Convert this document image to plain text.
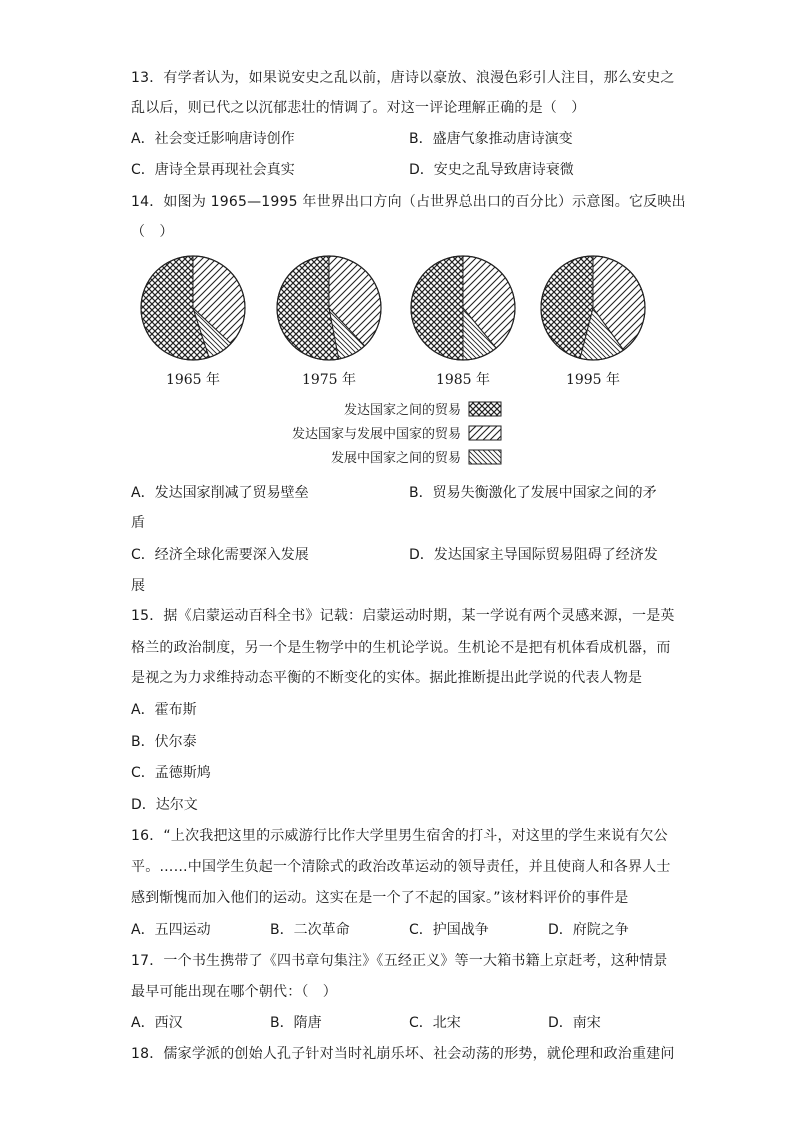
13．有学者认为，如果说安史之乱以前，唐诗以豪放、浪漫色彩引人注目，那么安史之
乱以后，则已代之以沉郁悲壮的情调了。对这一评论理解正确的是（　）
A．社会变迁影响唐诗创作	B．盛唐气象推动唐诗演变
C．唐诗全景再现社会真实	D．安史之乱导致唐诗衰微
14．如图为 1965—1995 年世界出口方向（占世界总出口的百分比）示意图。它反映出
（　）
1965 年	1975 年	1985 年	1995 年
发达国家之间的贸易
发达国家与发展中国家的贸易
发展中国家之间的贸易
A．发达国家削减了贸易壁垒	B．贸易失衡激化了发展中国家之间的矛
盾
C．经济全球化需要深入发展	D．发达国家主导国际贸易阻碍了经济发
展
15．据《启蒙运动百科全书》记载：启蒙运动时期，某一学说有两个灵感来源，一是英
格兰的政治制度，另一个是生物学中的生机论学说。生机论不是把有机体看成机器，而
是视之为力求维持动态平衡的不断变化的实体。据此推断提出此学说的代表人物是
A．霍布斯
B．伏尔泰
C．孟德斯鸠
D．达尔文
16．“上次我把这里的示威游行比作大学里男生宿舍的打斗，对这里的学生来说有欠公
平。……中国学生负起一个清除式的政治改革运动的领导责任，并且使商人和各界人士
感到惭愧而加入他们的运动。这实在是一个了不起的国家。”该材料评价的事件是
A．五四运动	B．二次革命	C．护国战争	D．府院之争
17．一个书生携带了《四书章句集注》《五经正义》等一大箱书籍上京赶考，这种情景
最早可能出现在哪个朝代：（　）
A．西汉	B．隋唐	C．北宋	D．南宋
18．儒家学派的创始人孔子针对当时礼崩乐坏、社会动荡的形势，就伦理和政治重建问
